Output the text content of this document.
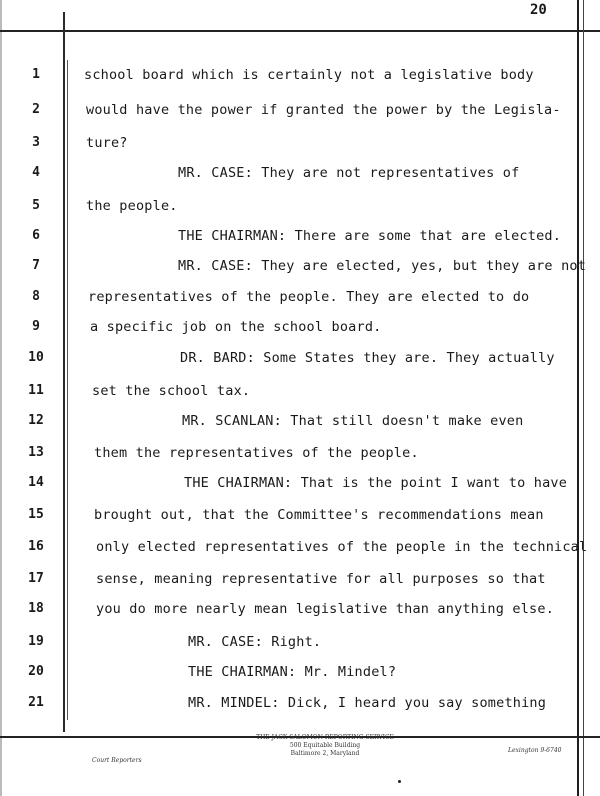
20
1	school board which is certainly not a legislative body
2	would have the power if granted the power by the Legisla-
3	ture?
4	MR. CASE: They are not representatives of
5	the people.
6	THE CHAIRMAN: There are some that are elected.
7	MR. CASE: They are elected, yes, but they are not
8	representatives of the people. They are elected to do
9	a specific job on the school board.
10	DR. BARD: Some States they are. They actually
11	set the school tax.
12	MR. SCANLAN: That still doesn't make even
13	them the representatives of the people.
14	THE CHAIRMAN: That is the point I want to have
15	brought out, that the Committee's recommendations mean
16	only elected representatives of the people in the technical
17	sense, meaning representative for all purposes so that
18	you do more nearly mean legislative than anything else.
19	MR. CASE: Right.
20	THE CHAIRMAN: Mr. Mindel?
21	MR. MINDEL: Dick, I heard you say something
THE JACK SALOMON REPORTING SERVICE
500 Equitable Building
Baltimore 2, Maryland
Court Reporters
Lexington 9-6740
